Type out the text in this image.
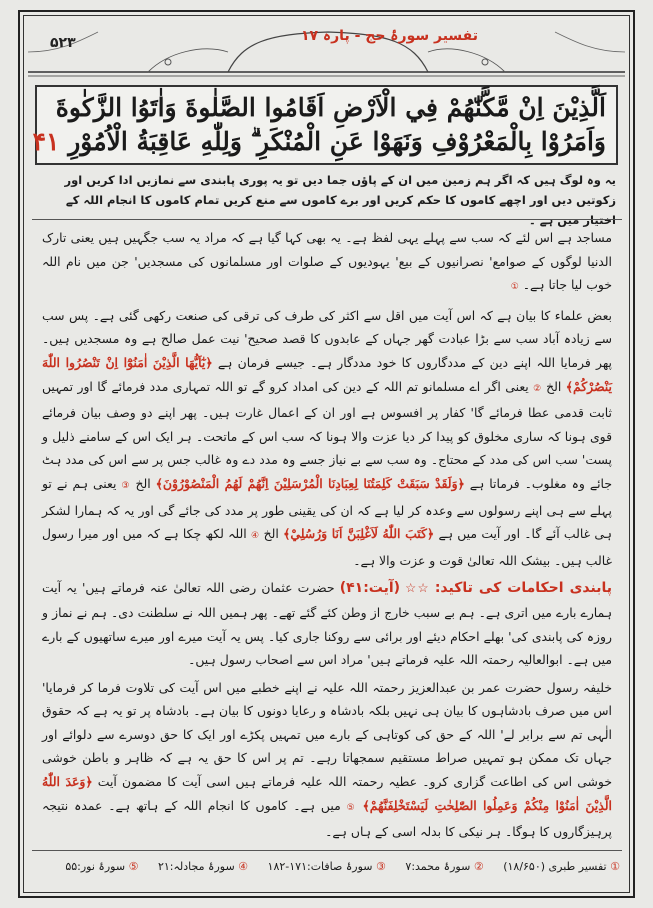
تفسیر سورۂ حج - پارہ ۱۷
۵۲۳
اَلَّذِيْنَ اِنْ مَّكَّنّٰهُمْ فِي الْاَرْضِ اَقَامُوا الصَّلٰوةَ وَاٰتَوُا الزَّكٰوةَ
وَاَمَرُوْا بِالْمَعْرُوْفِ وَنَهَوْا عَنِ الْمُنْكَرِ ۗ وَلِلّٰهِ عَاقِبَةُ الْاُمُوْرِ ۴۱
یہ وہ لوگ ہیں کہ اگر ہم زمین میں ان کے پاؤں جما دیں تو یہ پوری پابندی سے نمازیں ادا کریں اور زکوتیں دیں اور اچھے کاموں کا حکم کریں اور برے کاموں سے منع کریں تمام کاموں کا انجام اللہ کے اختیار میں ہے ۔

مساجد ہے اس لئے کہ سب سے پہلے یہی لفظ ہے۔ یہ بھی کہا گیا ہے کہ مراد یہ سب جگہیں ہیں یعنی تارک الدنیا لوگوں کے صوامع' نصرانیوں کے بیع' یہودیوں کے صلوات اور مسلمانوں کی مسجدیں' جن میں نام اللہ خوب لیا جاتا ہے۔ ①

بعض علماء کا بیان ہے کہ اس آیت میں اقل سے اکثر کی طرف کی ترقی کی صنعت رکھی گئی ہے۔ پس سب سے زیادہ آباد سب سے بڑا عبادت گھر جہاں کے عابدوں کا قصد صحیح' نیت عمل صالح ہے وہ مسجدیں ہیں۔ پھر فرمایا اللہ اپنے دین کے مددگاروں کا خود مددگار ہے۔ جیسے فرمان ہے ﴿يٰٓاَيُّهَا الَّذِيْنَ اٰمَنُوْٓا اِنْ تَنْصُرُوا اللّٰهَ يَنْصُرْكُمْ﴾ الخ ② یعنی اگر اے مسلمانو تم اللہ کے دین کی امداد کرو گے تو اللہ تمہاری مدد فرمائے گا اور تمہیں ثابت قدمی عطا فرمائے گا' کفار پر افسوس ہے اور ان کے اعمال غارت ہیں۔ پھر اپنے دو وصف بیان فرمائے قوی ہونا کہ ساری مخلوق کو پیدا کر دیا عزت والا ہونا کہ سب اس کے ماتحت۔ ہر ایک اس کے سامنے ذلیل و پست' سب اس کی مدد کے محتاج۔ وہ سب سے بے نیاز جسے وہ مدد دے وہ غالب جس پر سے اس کی مدد ہٹ جائے وہ مغلوب۔ فرماتا ہے ﴿وَلَقَدْ سَبَقَتْ كَلِمَتُنَا لِعِبَادِنَا الْمُرْسَلِيْنَ اِنَّهُمْ لَهُمُ الْمَنْصُوْرُوْنَ﴾ الخ ③ یعنی ہم نے تو پہلے سے ہی اپنے رسولوں سے وعدہ کر لیا ہے کہ ان کی یقینی طور پر مدد کی جائے گی اور یہ کہ ہمارا لشکر ہی غالب آئے گا۔ اور آیت میں ہے ﴿كَتَبَ اللّٰهُ لَاَغْلِبَنَّ اَنَا وَرُسُلِيْ﴾ الخ ④ اللہ لکھ چکا ہے کہ میں اور میرا رسول غالب ہیں۔ بیشک اللہ تعالیٰ قوت و عزت والا ہے۔

پابندی احکامات کی تاکید: ☆☆ (آیت:۴۱) حضرت عثمان رضی اللہ تعالیٰ عنہ فرماتے ہیں' یہ آیت ہمارے بارے میں اتری ہے۔ ہم بے سبب خارج از وطن کئے گئے تھے۔ پھر ہمیں اللہ نے سلطنت دی۔ ہم نے نماز و روزہ کی پابندی کی' بھلے احکام دیئے اور برائی سے روکنا جاری کیا۔ پس یہ آیت میرے اور میرے ساتھیوں کے بارے میں ہے۔ ابوالعالیہ رحمتہ اللہ علیہ فرماتے ہیں' مراد اس سے اصحاب رسول ہیں۔

خلیفہ رسول حضرت عمر بن عبدالعزیز رحمتہ اللہ علیہ نے اپنے خطبے میں اس آیت کی تلاوت فرما کر فرمایا' اس میں صرف بادشاہوں کا بیان ہی نہیں بلکہ بادشاہ و رعایا دونوں کا بیان ہے۔ بادشاہ پر تو یہ ہے کہ حقوق الٰہی تم سے برابر لے' اللہ کے حق کی کوتاہی کے بارے میں تمہیں پکڑے اور ایک کا حق دوسرے سے دلوائے اور جہاں تک ممکن ہو تمہیں صراط مستقیم سمجھاتا رہے۔ تم پر اس کا حق یہ ہے کہ ظاہر و باطن خوشی خوشی اس کی اطاعت گزاری کرو۔ عطیہ رحمتہ اللہ علیہ فرماتے ہیں اسی آیت کا مضمون آیت ﴿وَعَدَ اللّٰهُ الَّذِيْنَ اٰمَنُوْا مِنْكُمْ وَعَمِلُوا الصّٰلِحٰتِ لَيَسْتَخْلِفَنَّهُمْ﴾ ⑤ میں ہے۔ کاموں کا انجام اللہ کے ہاتھ ہے۔ عمدہ نتیجہ پرہیزگاروں کا ہوگا۔ ہر نیکی کا بدلہ اسی کے ہاں ہے۔

① تفسیر طبری (۱۸/۶۵۰) ② سورۂ محمد:۷ ③ سورۂ صافات:۱۷۱-۱۸۲ ④ سورۂ مجادلہ:۲۱ ⑤ سورۂ نور:۵۵
